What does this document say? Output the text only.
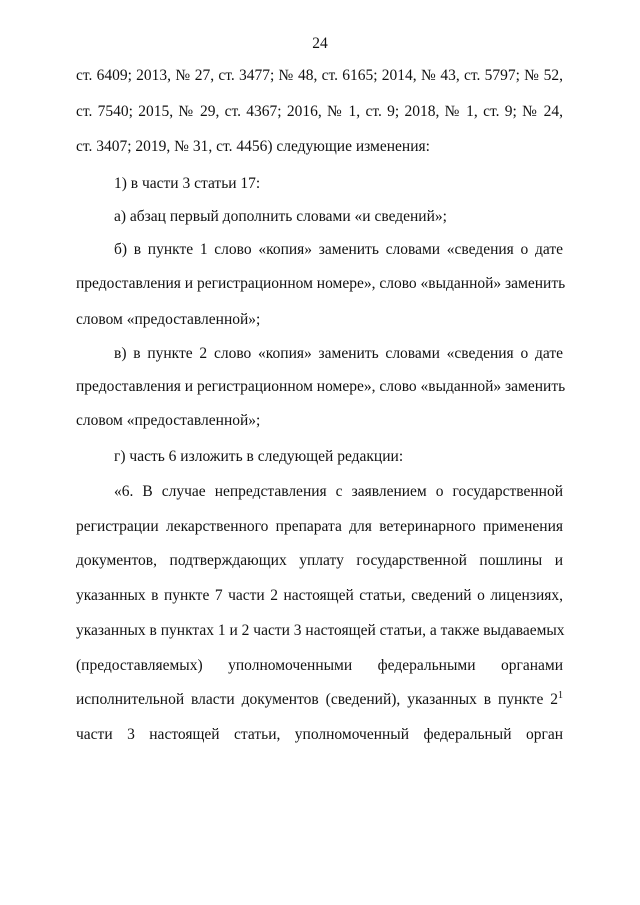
24
ст. 6409; 2013, № 27, ст. 3477; № 48, ст. 6165; 2014, № 43, ст. 5797; № 52,
ст. 7540; 2015, № 29, ст. 4367; 2016, № 1, ст. 9; 2018, № 1, ст. 9; № 24,
ст. 3407; 2019, № 31, ст. 4456) следующие изменения:
1) в части 3 статьи 17:
а) абзац первый дополнить словами «и сведений»;
б) в пункте 1 слово «копия» заменить словами «сведения о дате
предоставления и регистрационном номере», слово «выданной» заменить
словом «предоставленной»;
в) в пункте 2 слово «копия» заменить словами «сведения о дате
предоставления и регистрационном номере», слово «выданной» заменить
словом «предоставленной»;
г) часть 6 изложить в следующей редакции:
«6. В случае непредставления с заявлением о государственной
регистрации лекарственного препарата для ветеринарного применения
документов, подтверждающих уплату государственной пошлины и
указанных в пункте 7 части 2 настоящей статьи, сведений о лицензиях,
указанных в пунктах 1 и 2 части 3 настоящей статьи, а также выдаваемых
(предоставляемых) уполномоченными федеральными органами
исполнительной власти документов (сведений), указанных в пункте $2^1$
части 3 настоящей статьи, уполномоченный федеральный орган
